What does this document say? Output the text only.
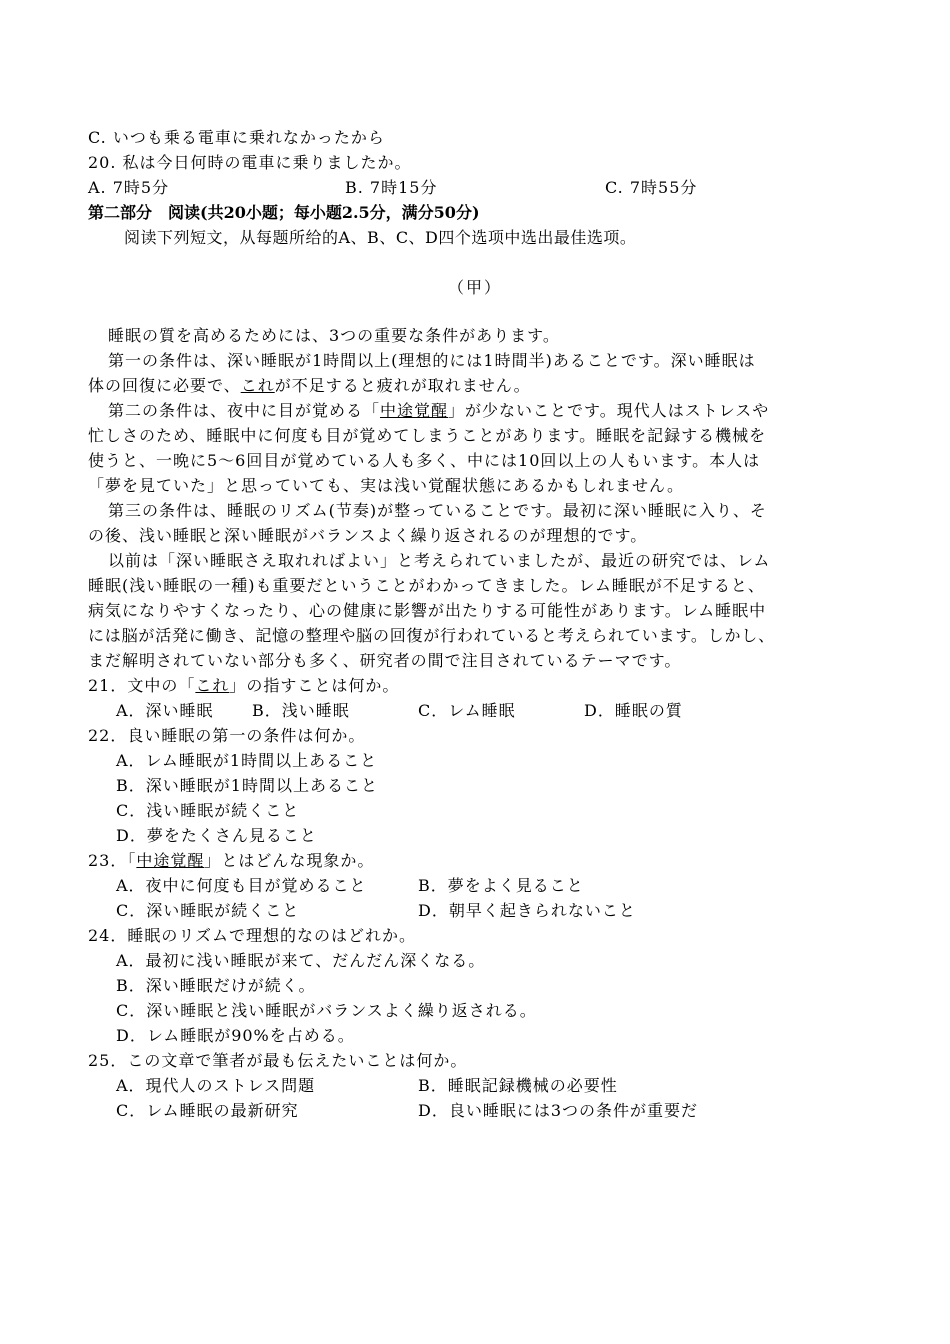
C. いつも乗る電車に乗れなかったから
20. 私は今日何時の電車に乗りましたか。
A. 7時5分	B. 7時15分	C. 7時55分
第二部分　阅读(共20小题；每小题2.5分，满分50分)
阅读下列短文，从每题所给的A、B、C、D四个选项中选出最佳选项。
（甲）
睡眠の質を高めるためには、3つの重要な条件があります。
第一の条件は、深い睡眠が1時間以上(理想的には1時間半)あることです。深い睡眠は
体の回復に必要で、これが不足すると疲れが取れません。
第二の条件は、夜中に目が覚める「中途覚醒」が少ないことです。現代人はストレスや
忙しさのため、睡眠中に何度も目が覚めてしまうことがあります。睡眠を記録する機械を
使うと、一晩に5～6回目が覚めている人も多く、中には10回以上の人もいます。本人は
「夢を見ていた」と思っていても、実は浅い覚醒状態にあるかもしれません。
第三の条件は、睡眠のリズム(节奏)が整っていることです。最初に深い睡眠に入り、そ
の後、浅い睡眠と深い睡眠がバランスよく繰り返されるのが理想的です。
以前は「深い睡眠さえ取れればよい」と考えられていましたが、最近の研究では、レム
睡眠(浅い睡眠の一種)も重要だということがわかってきました。レム睡眠が不足すると、
病気になりやすくなったり、心の健康に影響が出たりする可能性があります。レム睡眠中
には脳が活発に働き、記憶の整理や脳の回復が行われていると考えられています。しかし、
まだ解明されていない部分も多く、研究者の間で注目されているテーマです。
21．文中の「これ」の指すことは何か。
A．深い睡眠 B．浅い睡眠	C．レム睡眠	D．睡眠の質
22．良い睡眠の第一の条件は何か。
A．レム睡眠が1時間以上あること
B．深い睡眠が1時間以上あること
C．浅い睡眠が続くこと
D．夢をたくさん見ること
23．「中途覚醒」とはどんな現象か。
A．夜中に何度も目が覚めること	B．夢をよく見ること
C．深い睡眠が続くこと	D．朝早く起きられないこと
24．睡眠のリズムで理想的なのはどれか。
A．最初に浅い睡眠が来て、だんだん深くなる。
B．深い睡眠だけが続く。
C．深い睡眠と浅い睡眠がバランスよく繰り返される。
D．レム睡眠が90%を占める。
25．この文章で筆者が最も伝えたいことは何か。
A．現代人のストレス問題	B．睡眠記録機械の必要性
C．レム睡眠の最新研究	D．良い睡眠には3つの条件が重要だ
